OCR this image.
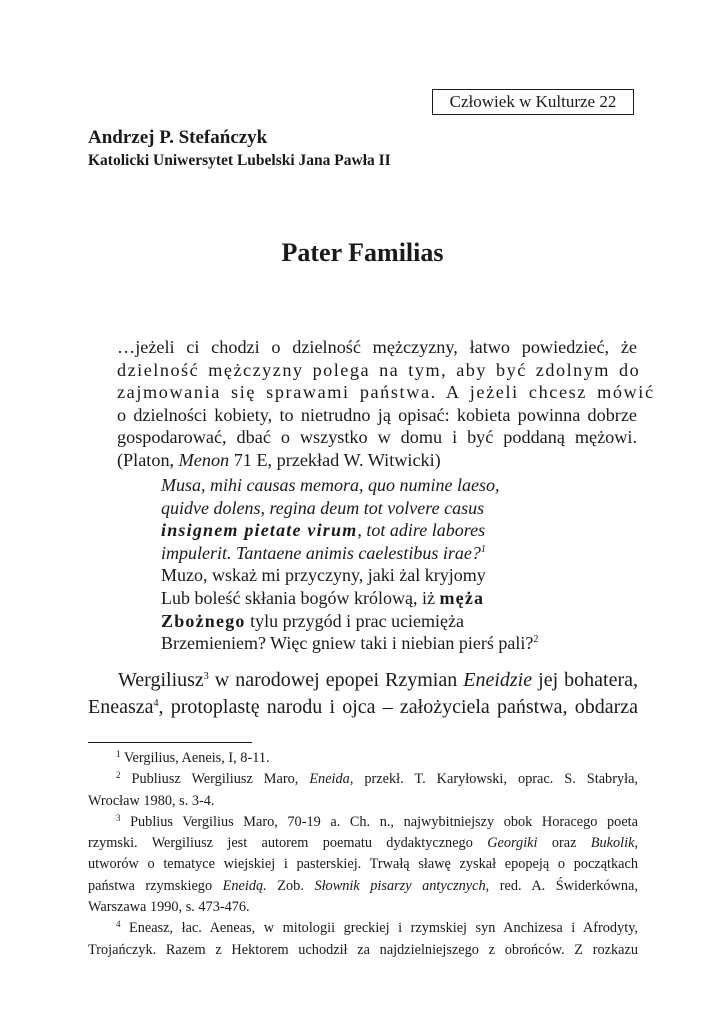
Człowiek w Kulturze 22
Andrzej P. Stefańczyk
Katolicki Uniwersytet Lubelski Jana Pawła II
Pater Familias
…jeżeli ci chodzi o dzielność mężczyzny, łatwo powiedzieć, że
dzielność mężczyzny polega na tym, aby być zdolnym do
zajmowania się sprawami państwa. A jeżeli chcesz mówić
o dzielności kobiety, to nietrudno ją opisać: kobieta powinna dobrze
gospodarować, dbać o wszystko w domu i być poddaną mężowi.
(Platon, Menon 71 E, przekład W. Witwicki)
Musa, mihi causas memora, quo numine laeso,
quidve dolens, regina deum tot volvere casus
insignem pietate virum, tot adire labores
impulerit. Tantaene animis caelestibus irae?$^1$
Muzo, wskaż mi przyczyny, jaki żal kryjomy
Lub boleść skłania bogów królową, iż męża
Zbożnego tylu przygód i prac uciemięża
Brzemieniem? Więc gniew taki i niebian pierś pali?$^2$
Wergiliusz$^3$ w narodowej epopei Rzymian Eneidzie jej bohatera,
Eneasza$^4$, protoplastę narodu i ojca – założyciela państwa, obdarza
$^1$ Vergilius, Aeneis, I, 8-11.
$^2$ Publiusz Wergiliusz Maro, Eneida, przekł. T. Karyłowski, oprac. S. Stabryła,
Wrocław 1980, s. 3-4.
$^3$ Publius Vergilius Maro, 70-19 a. Ch. n., najwybitniejszy obok Horacego poeta
rzymski. Wergiliusz jest autorem poematu dydaktycznego Georgiki oraz Bukolik,
utworów o tematyce wiejskiej i pasterskiej. Trwałą sławę zyskał epopeją o początkach
państwa rzymskiego Eneidą. Zob. Słownik pisarzy antycznych, red. A. Świderkówna,
Warszawa 1990, s. 473-476.
$^4$ Eneasz, łac. Aeneas, w mitologii greckiej i rzymskiej syn Anchizesa i Afrodyty,
Trojańczyk. Razem z Hektorem uchodził za najdzielniejszego z obrońców. Z rozkazu
